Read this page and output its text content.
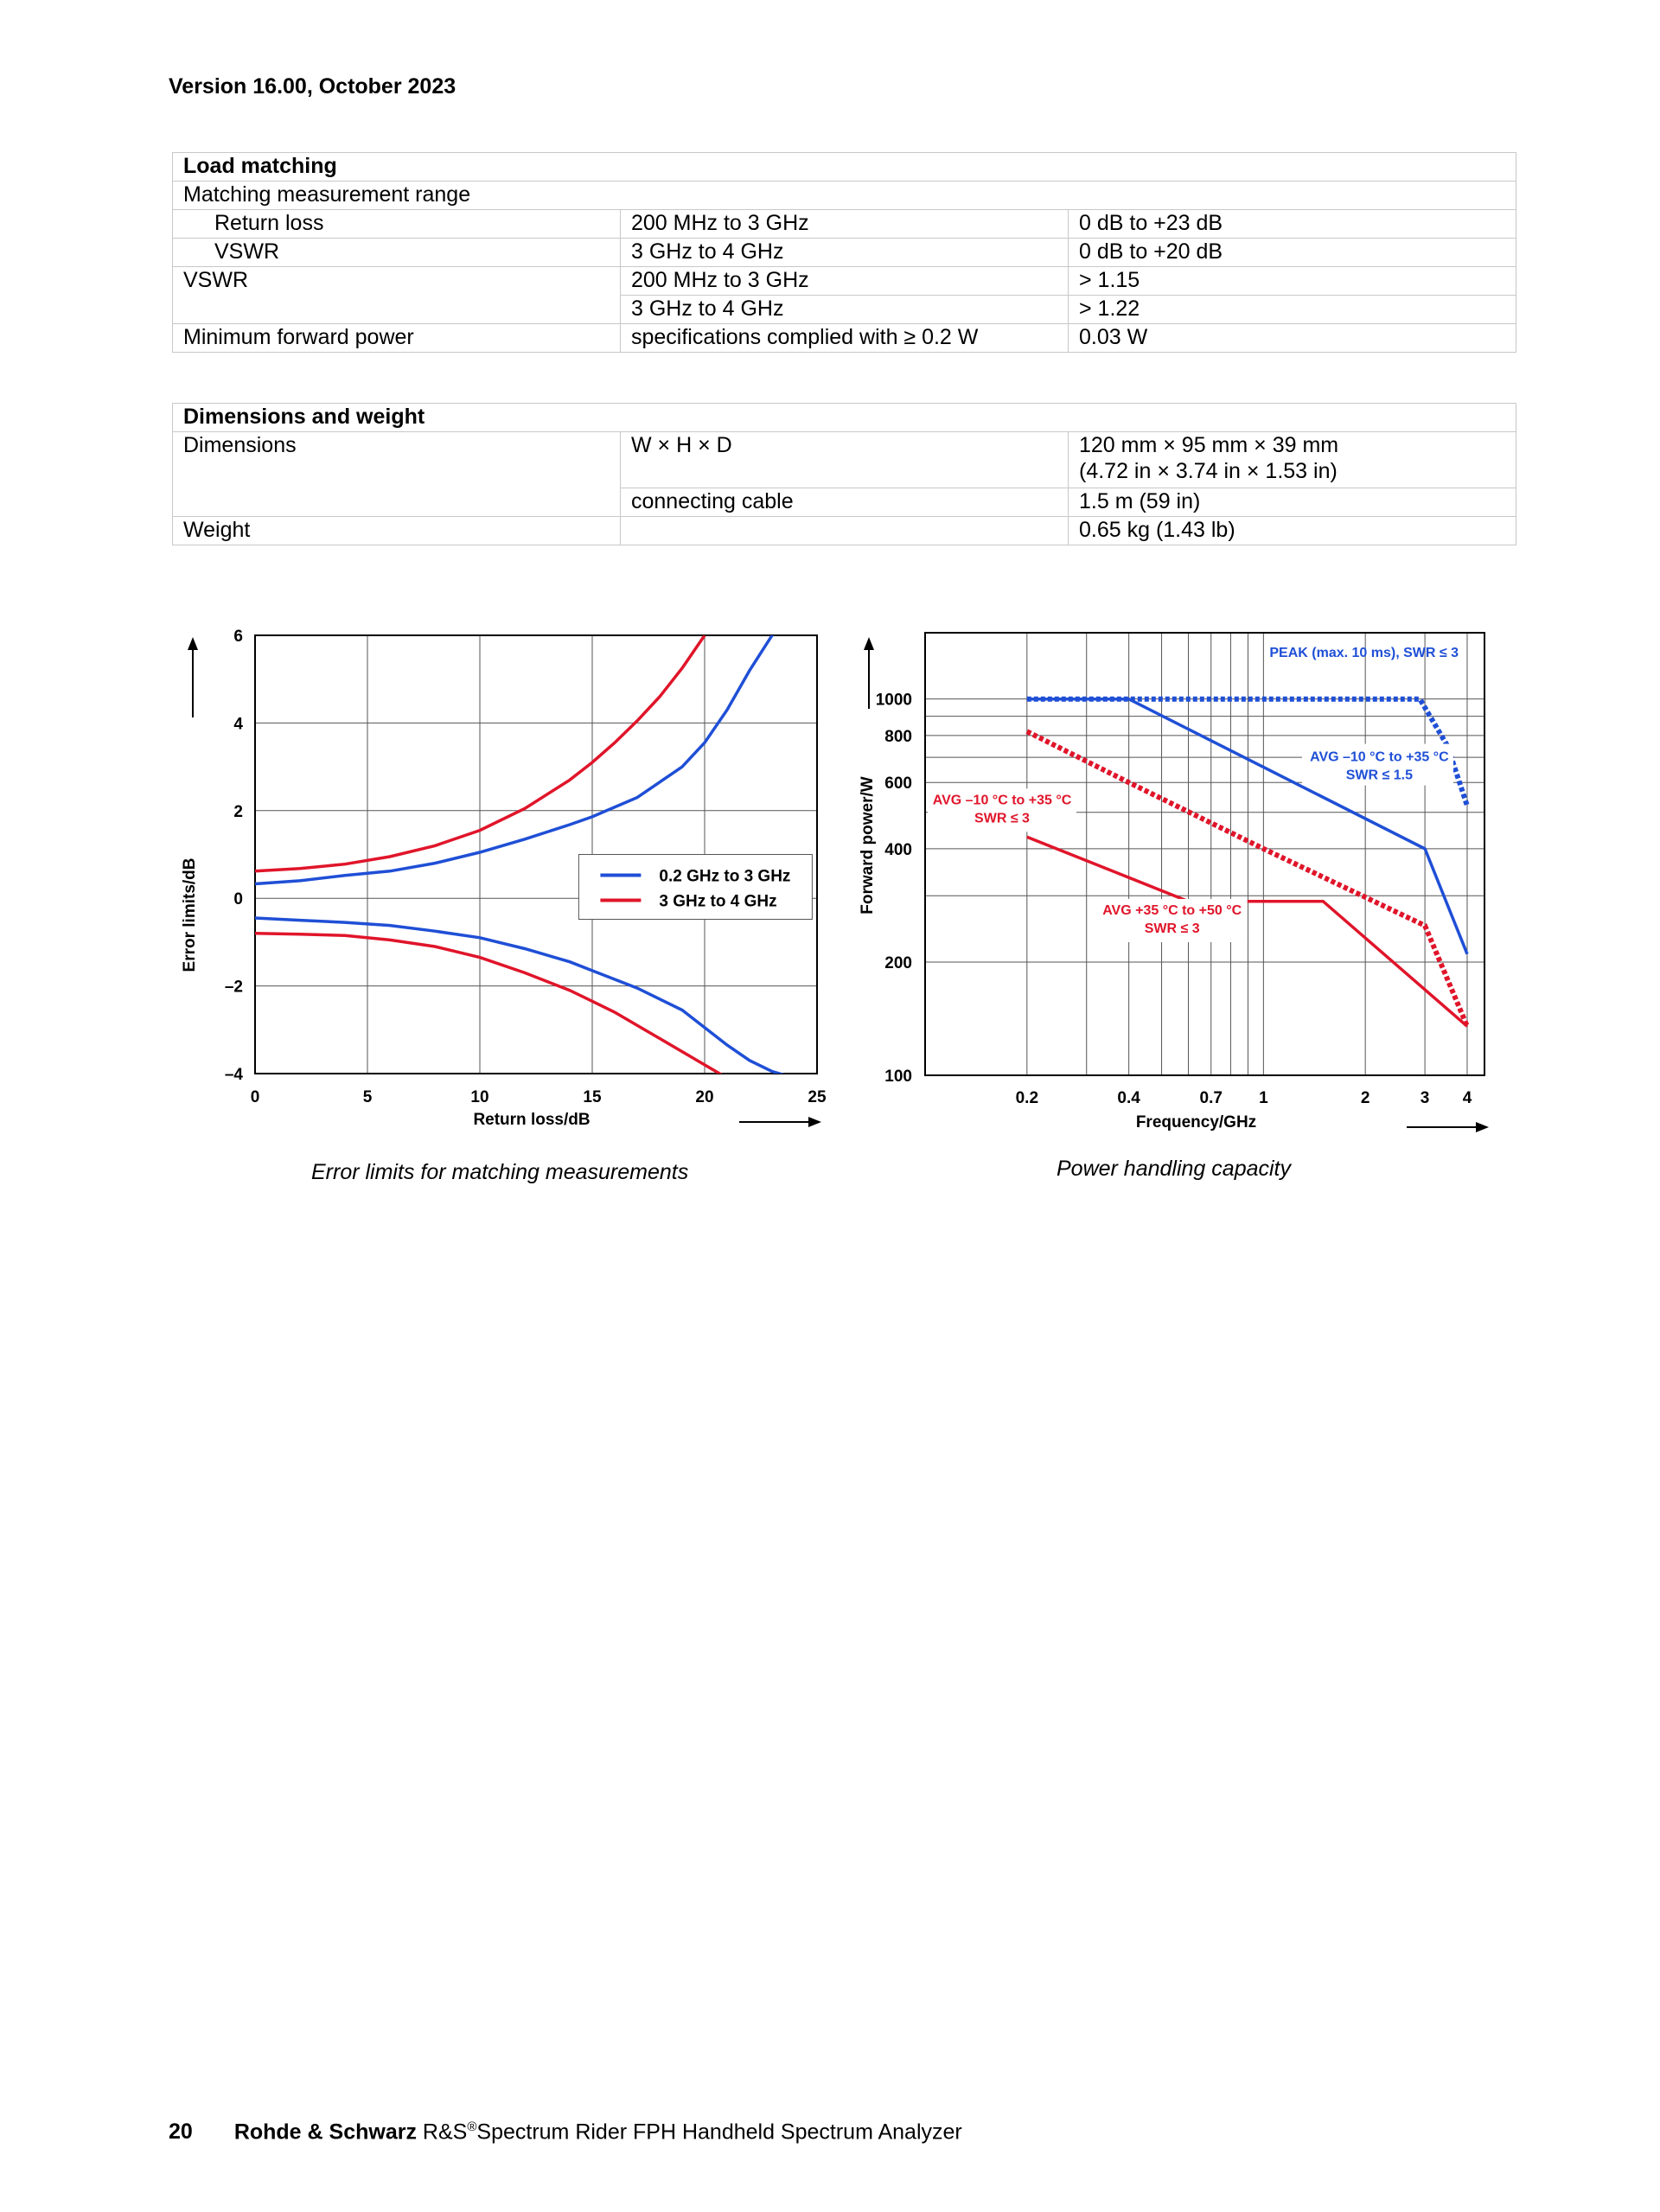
Version 16.00, October 2023
Load matching		
Matching measurement range		
Return loss	200 MHz to 3 GHz	0 dB to +23 dB
VSWR	3 GHz to 4 GHz	0 dB to +20 dB
VSWR	200 MHz to 3 GHz	> 1.15
	3 GHz to 4 GHz	> 1.22
Minimum forward power	specifications complied with ≥ 0.2 W	0.03 W
Dimensions and weight		
Dimensions	W × H × D	120 mm × 95 mm × 39 mm
(4.72 in × 3.74 in × 1.53 in)

	connecting cable	1.5 m (59 in)
Weight		0.65 kg (1.43 lb)
0	5	10	15	20	25
6
4
2
0
–2
–4
Return loss/dB
Error limits/dB	0.2 GHz to 3 GHz
3 GHz to 4 GHz
0.2	0.4	0.7 1	2	3 4
1000
800
600
400
200
100
Frequency/GHz
Forward power/W
PEAK (max. 10 ms), SWR ≤ 3
AVG –10 °C to +35 °C
SWR ≤ 1.5
AVG –10 °C to +35 °C
SWR ≤ 3
AVG +35 °C to +50 °C
SWR ≤ 3
Error limits for matching measurements	Power handling capacity
20 Rohde & Schwarz R&S®Spectrum Rider FPH Handheld Spectrum Analyzer
